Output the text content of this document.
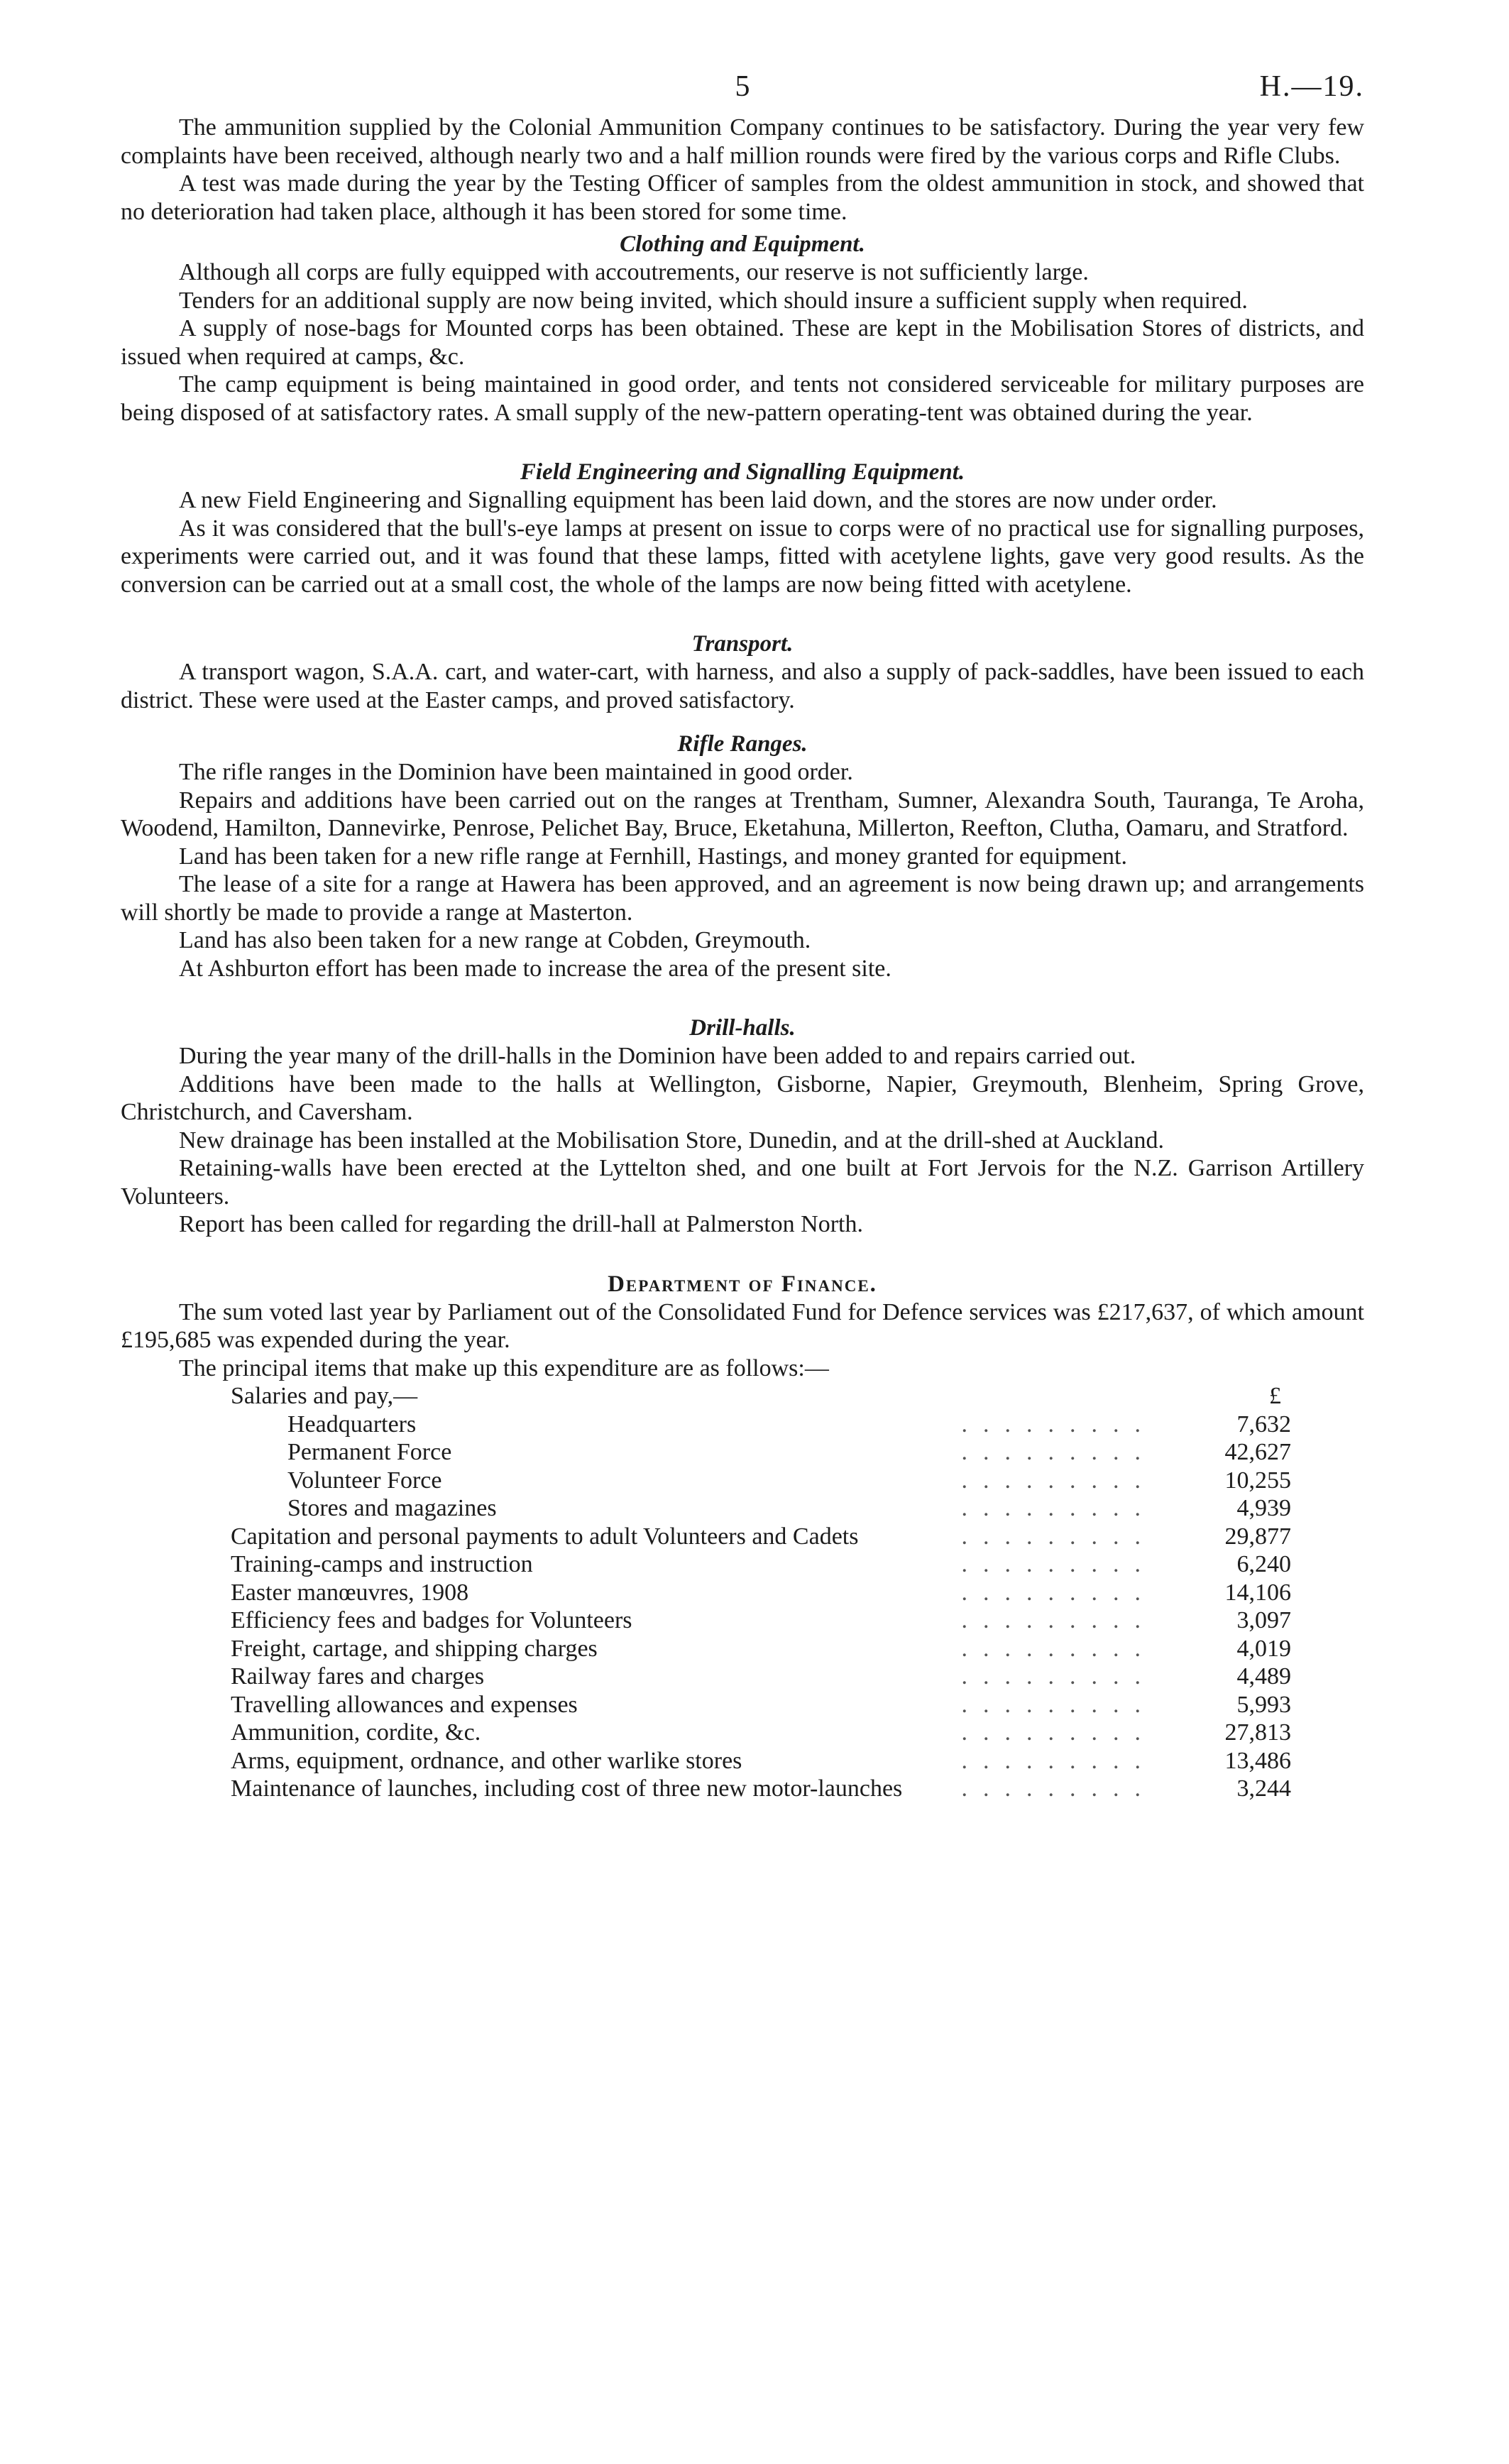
5	H.—19.

The ammunition supplied by the Colonial Ammunition Company continues to be satisfactory. During the year very few complaints have been received, although nearly two and a half million rounds were fired by the various corps and Rifle Clubs.

A test was made during the year by the Testing Officer of samples from the oldest ammunition in stock, and showed that no deterioration had taken place, although it has been stored for some time.

Clothing and Equipment.

Although all corps are fully equipped with accoutrements, our reserve is not sufficiently large.

Tenders for an additional supply are now being invited, which should insure a sufficient supply when required.

A supply of nose-bags for Mounted corps has been obtained. These are kept in the Mobilisation Stores of districts, and issued when required at camps, &c.

The camp equipment is being maintained in good order, and tents not considered serviceable for military purposes are being disposed of at satisfactory rates. A small supply of the new-pattern operating-tent was obtained during the year.

Field Engineering and Signalling Equipment.

A new Field Engineering and Signalling equipment has been laid down, and the stores are now under order.

As it was considered that the bull's-eye lamps at present on issue to corps were of no practical use for signalling purposes, experiments were carried out, and it was found that these lamps, fitted with acetylene lights, gave very good results. As the conversion can be carried out at a small cost, the whole of the lamps are now being fitted with acetylene.

Transport.

A transport wagon, S.A.A. cart, and water-cart, with harness, and also a supply of pack-saddles, have been issued to each district. These were used at the Easter camps, and proved satisfactory.

Rifle Ranges.

The rifle ranges in the Dominion have been maintained in good order.

Repairs and additions have been carried out on the ranges at Trentham, Sumner, Alexandra South, Tauranga, Te Aroha, Woodend, Hamilton, Dannevirke, Penrose, Pelichet Bay, Bruce, Eketahuna, Millerton, Reefton, Clutha, Oamaru, and Stratford.

Land has been taken for a new rifle range at Fernhill, Hastings, and money granted for equipment.

The lease of a site for a range at Hawera has been approved, and an agreement is now being drawn up; and arrangements will shortly be made to provide a range at Masterton.

Land has also been taken for a new range at Cobden, Greymouth.

At Ashburton effort has been made to increase the area of the present site.

Drill-halls.

During the year many of the drill-halls in the Dominion have been added to and repairs carried out.

Additions have been made to the halls at Wellington, Gisborne, Napier, Greymouth, Blenheim, Spring Grove, Christchurch, and Caversham.

New drainage has been installed at the Mobilisation Store, Dunedin, and at the drill-shed at Auckland.

Retaining-walls have been erected at the Lyttelton shed, and one built at Fort Jervois for the N.Z. Garrison Artillery Volunteers.

Report has been called for regarding the drill-hall at Palmerston North.

Department of Finance.

The sum voted last year by Parliament out of the Consolidated Fund for Defence services was £217,637, of which amount £195,685 was expended during the year.

The principal items that make up this expenditure are as follows:—

Salaries and pay,—	£

.........
Headquarters	7,632

.........
Permanent Force	42,627

.........
Volunteer Force	10,255

.........
Stores and magazines	4,939

.........
Capitation and personal payments to adult Volunteers and Cadets	29,877

.........
Training-camps and instruction	6,240

.........
Easter manœuvres, 1908	14,106

.........
Efficiency fees and badges for Volunteers	3,097

.........
Freight, cartage, and shipping charges	4,019

.........
Railway fares and charges	4,489

.........
Travelling allowances and expenses	5,993

.........
Ammunition, cordite, &c.	27,813

.........
Arms, equipment, ordnance, and other warlike stores	13,486

.........
Maintenance of launches, including cost of three new motor-launches	3,244
